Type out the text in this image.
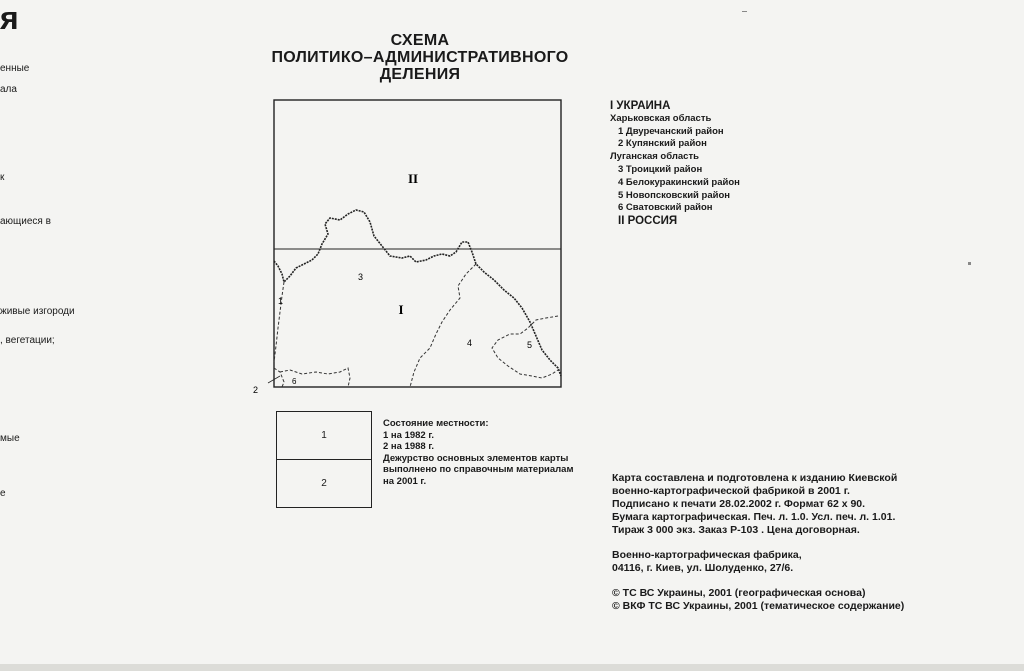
я
енные
ала
к
ающиеся в
живые изгороди
, вегетации;
мые
е
СХЕМА
ПОЛИТИКО–АДМИНИСТРАТИВНОГО
ДЕЛЕНИЯ
II
I
1
2
3
4	5
6
I УКРАИНА
Харьковская область
1 Двуречанский район
2 Купянский район
Луганская область
3 Троицкий район
4 Белокуракинский район
5 Новопсковский район
6 Сватовский район
II РОССИЯ
1
2
Состояние местности:
1 на 1982 г.
2 на 1988 г.
Дежурство основных элементов карты
выполнено по справочным материалам
на 2001 г.	Карта составлена и подготовлена к изданию Киевской
военно-картографической фабрикой в 2001 г.
Подписано к печати 28.02.2002 г. Формат 62 x 90.
Бумага картографическая. Печ. л. 1.0. Усл. печ. л. 1.01.
Тираж 3 000 экз. Заказ Р-103 . Цена договорная.
Военно-картографическая фабрика,
04116, г. Киев, ул. Шолуденко, 27/6.
© ТС ВС Украины, 2001 (географическая основа)
© ВКФ ТС ВС Украины, 2001 (тематическое содержание)
